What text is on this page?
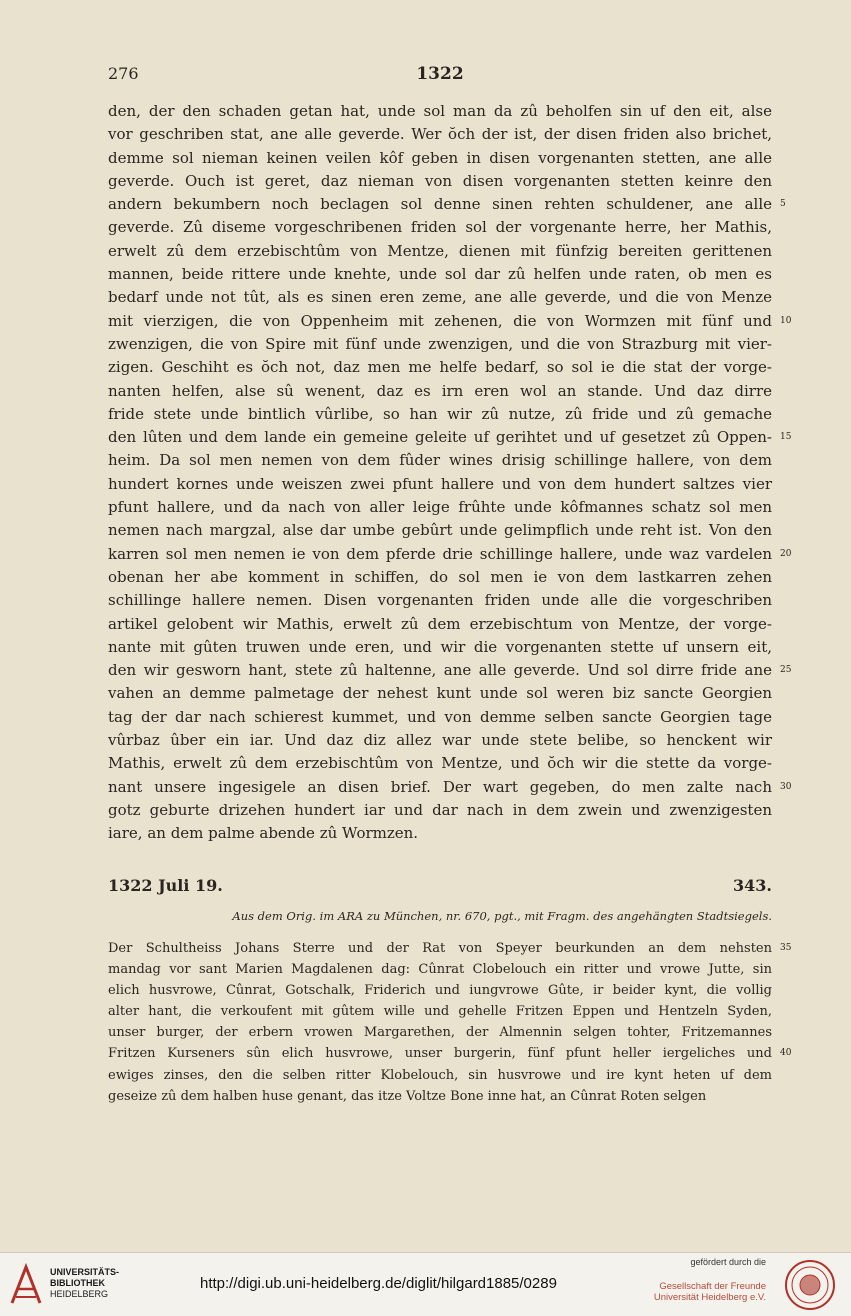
276	1322
den, der den schaden getan hat, unde sol man da zû beholfen sin uf den eit, alse
vor geschriben stat, ane alle geverde. Wer ŏch der ist, der disen friden also brichet,
demme sol nieman keinen veilen kôf geben in disen vorgenanten stetten, ane alle
geverde. Ouch ist geret, daz nieman von disen vorgenanten stetten keinre den
andern bekumbern noch beclagen sol denne sinen rehten schuldener, ane alle 5
geverde. Zû diseme vorgeschribenen friden sol der vorgenante herre, her Mathis,
erwelt zû dem erzebischtûm von Mentze, dienen mit fünfzig bereiten gerittenen
mannen, beide rittere unde knehte, unde sol dar zû helfen unde raten, ob men es
bedarf unde not tût, als es sinen eren zeme, ane alle geverde, und die von Menze
mit vierzigen, die von Oppenheim mit zehenen, die von Wormzen mit fünf und 10
zwenzigen, die von Spire mit fünf unde zwenzigen, und die von Strazburg mit vier-
zigen. Geschiht es ŏch not, daz men me helfe bedarf, so sol ie die stat der vorge-
nanten helfen, alse sû wenent, daz es irn eren wol an stande. Und daz dirre
fride stete unde bintlich vûrlibe, so han wir zû nutze, zû fride und zû gemache
den lûten und dem lande ein gemeine geleite uf gerihtet und uf gesetzet zû Oppen- 15
heim. Da sol men nemen von dem fûder wines drisig schillinge hallere, von dem
hundert kornes unde weiszen zwei pfunt hallere und von dem hundert saltzes vier
pfunt hallere, und da nach von aller leige frûhte unde kôfmannes schatz sol men
nemen nach margzal, alse dar umbe gebûrt unde gelimpflich unde reht ist. Von den
karren sol men nemen ie von dem pferde drie schillinge hallere, unde waz vardelen 20
obenan her abe komment in schiffen, do sol men ie von dem lastkarren zehen
schillinge hallere nemen. Disen vorgenanten friden unde alle die vorgeschriben
artikel gelobent wir Mathis, erwelt zû dem erzebischtum von Mentze, der vorge-
nante mit gûten truwen unde eren, und wir die vorgenanten stette uf unsern eit,
den wir gesworn hant, stete zû haltenne, ane alle geverde. Und sol dirre fride ane 25
vahen an demme palmetage der nehest kunt unde sol weren biz sancte Georgien
tag der dar nach schierest kummet, und von demme selben sancte Georgien tage
vûrbaz ûber ein iar. Und daz diz allez war unde stete belibe, so henckent wir
Mathis, erwelt zû dem erzebischtûm von Mentze, und ŏch wir die stette da vorge-
nant unsere ingesigele an disen brief. Der wart gegeben, do men zalte nach 30
gotz geburte drizehen hundert iar und dar nach in dem zwein und zwenzigesten
iare, an dem palme abende zû Wormzen.
1322 Juli 19.	343.
Aus dem Orig. im ARA zu München, nr. 670, pgt., mit Fragm. des angehängten Stadtsiegels.
Der Schultheiss Johans Sterre und der Rat von Speyer beurkunden an dem nehsten 35
mandag vor sant Marien Magdalenen dag: Cûnrat Clobelouch ein ritter und vrowe Jutte, sin
elich husvrowe, Cûnrat, Gotschalk, Friderich und iungvrowe Gûte, ir beider kynt, die vollig
alter hant, die verkoufent mit gûtem wille und gehelle Fritzen Eppen und Hentzeln Syden,
unser burger, der erbern vrowen Margarethen, der Almennin selgen tohter, Fritzemannes
Fritzen Kurseners sûn elich husvrowe, unser burgerin, fünf pfunt heller iergeliches und 40
ewiges zinses, den die selben ritter Klobelouch, sin husvrowe und ire kynt heten uf dem
geseize zû dem halben huse genant, das itze Voltze Bone inne hat, an Cûnrat Roten selgen
UNIVERSITÄTS-
BIBLIOTHEK
HEIDELBERG
http://digi.ub.uni-heidelberg.de/diglit/hilgard1885/0289
gefördert durch die
Gesellschaft der Freunde
Universität Heidelberg e.V.
